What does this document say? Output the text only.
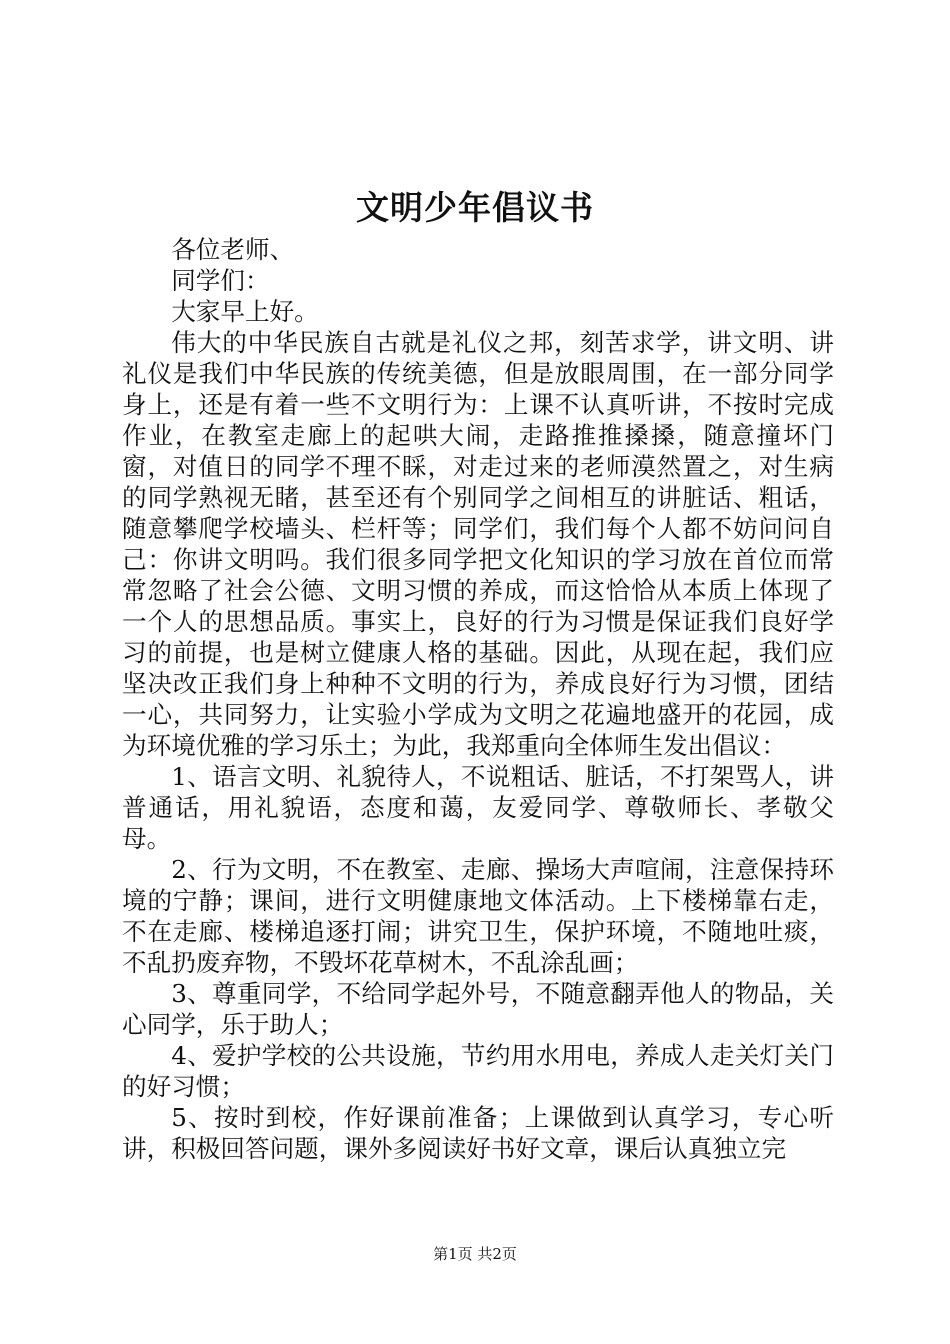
文明少年倡议书

各位老师、

同学们：

大家早上好。

伟大的中华民族自古就是礼仪之邦，刻苦求学，讲文明、讲礼仪是我们中华民族的传统美德，但是放眼周围，在一部分同学身上，还是有着一些不文明行为：上课不认真听讲，不按时完成作业，在教室走廊上的起哄大闹，走路推推搡搡，随意撞坏门窗，对值日的同学不理不睬，对走过来的老师漠然置之，对生病的同学熟视无睹，甚至还有个别同学之间相互的讲脏话、粗话，随意攀爬学校墙头、栏杆等；同学们，我们每个人都不妨问问自己：你讲文明吗。我们很多同学把文化知识的学习放在首位而常常忽略了社会公德、文明习惯的养成，而这恰恰从本质上体现了一个人的思想品质。事实上，良好的行为习惯是保证我们良好学习的前提，也是树立健康人格的基础。因此，从现在起，我们应坚决改正我们身上种种不文明的行为，养成良好行为习惯，团结一心，共同努力，让实验小学成为文明之花遍地盛开的花园，成为环境优雅的学习乐土；为此，我郑重向全体师生发出倡议：

1、语言文明、礼貌待人，不说粗话、脏话，不打架骂人，讲普通话，用礼貌语，态度和蔼，友爱同学、尊敬师长、孝敬父母。

2、行为文明，不在教室、走廊、操场大声喧闹，注意保持环境的宁静；课间，进行文明健康地文体活动。上下楼梯靠右走，不在走廊、楼梯追逐打闹；讲究卫生，保护环境，不随地吐痰，不乱扔废弃物，不毁坏花草树木，不乱涂乱画；

3、尊重同学，不给同学起外号，不随意翻弄他人的物品，关心同学，乐于助人；

4、爱护学校的公共设施，节约用水用电，养成人走关灯关门的好习惯；

5、按时到校，作好课前准备；上课做到认真学习，专心听讲，积极回答问题，课外多阅读好书好文章，课后认真独立完

第1页 共2页
